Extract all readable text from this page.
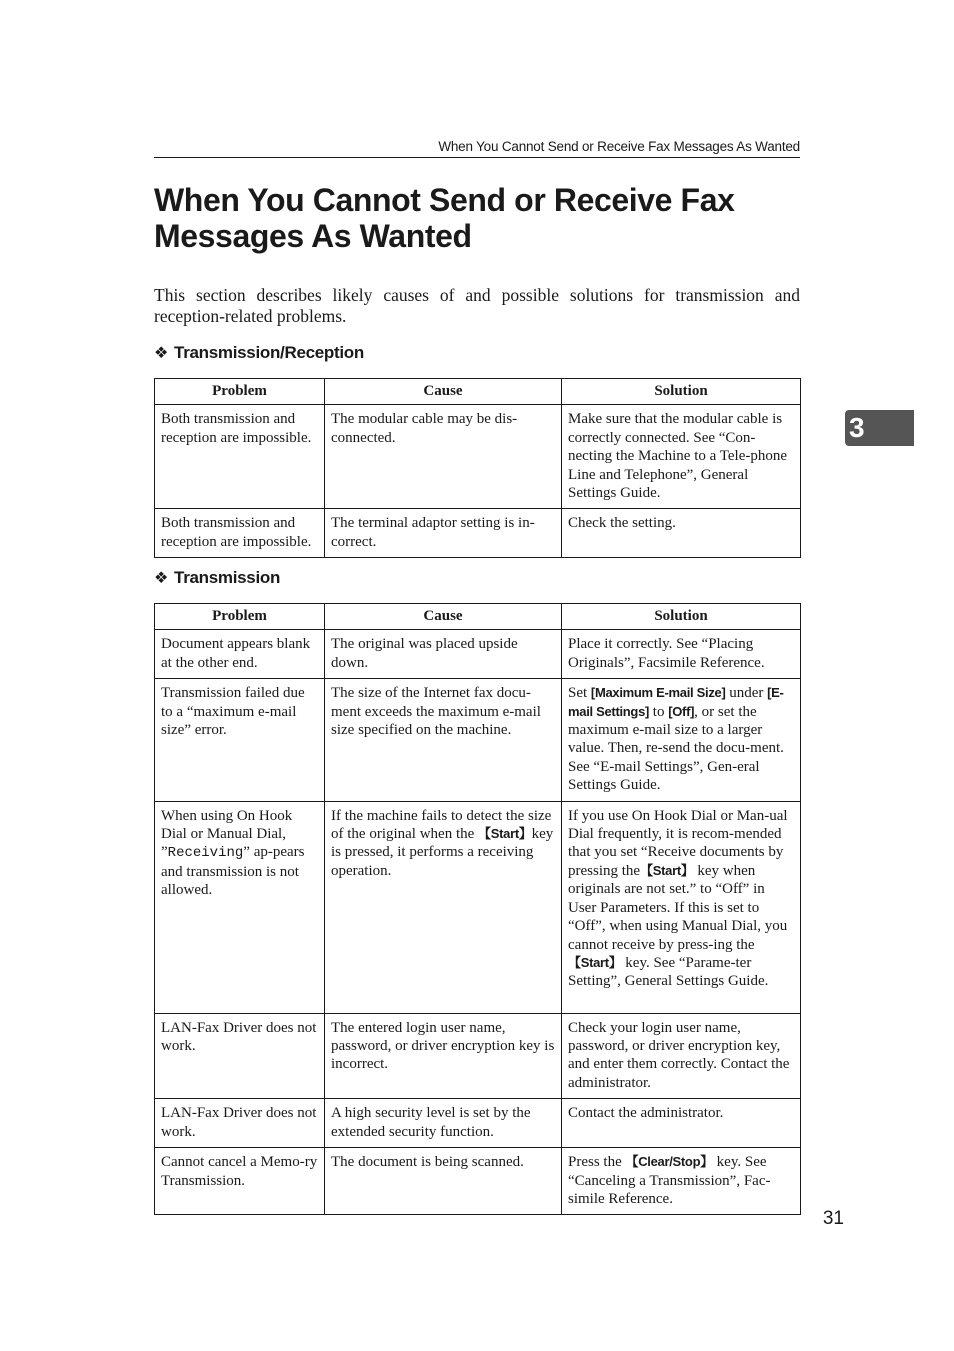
When You Cannot Send or Receive Fax Messages As Wanted
When You Cannot Send or Receive Fax Messages As Wanted

This section describes likely causes of and possible solutions for transmission and reception-related problems.

❖ Transmission/Reception
Problem	Cause	Solution
Both transmission and reception are impossible.	The modular cable may be dis-connected.	Make sure that the modular cable is correctly connected. See “Con-necting the Machine to a Tele-phone Line and Telephone”, General Settings Guide.
Both transmission and reception are impossible.	The terminal adaptor setting is in-correct.	Check the setting.
❖ Transmission
Problem	Cause	Solution
Document appears blank at the other end.	The original was placed upside down.	Place it correctly. See “Placing Originals”, Facsimile Reference.
Transmission failed due to a “maximum e-mail size” error.	The size of the Internet fax docu-ment exceeds the maximum e-mail size specified on the machine.	Set [Maximum E-mail Size] under [E-mail Settings] to [Off], or set the maximum e-mail size to a larger value. Then, re-send the docu-ment. See “E-mail Settings”, Gen-eral Settings Guide.
When using On Hook Dial or Manual Dial, ”Receiving” ap-pears and transmission is not allowed.	If the machine fails to detect the size of the original when the 【Start】key is pressed, it performs a receiving operation.	If you use On Hook Dial or Man-ual Dial frequently, it is recom-mended that you set “Receive documents by pressing the【Start】 key when originals are not set.” to “Off” in User Parameters. If this is set to “Off”, when using Manual Dial, you cannot receive by press-ing the【Start】 key. See “Parame-ter Setting”, General Settings Guide.
LAN-Fax Driver does not work.	The entered login user name, password, or driver encryption key is incorrect.	Check your login user name, password, or driver encryption key, and enter them correctly. Contact the administrator.
LAN-Fax Driver does not work.	A high security level is set by the extended security function.	Contact the administrator.
Cannot cancel a Memo-ry Transmission.	The document is being scanned.	Press the 【Clear/Stop】 key. See “Canceling a Transmission”, Fac-simile Reference.
3
31
